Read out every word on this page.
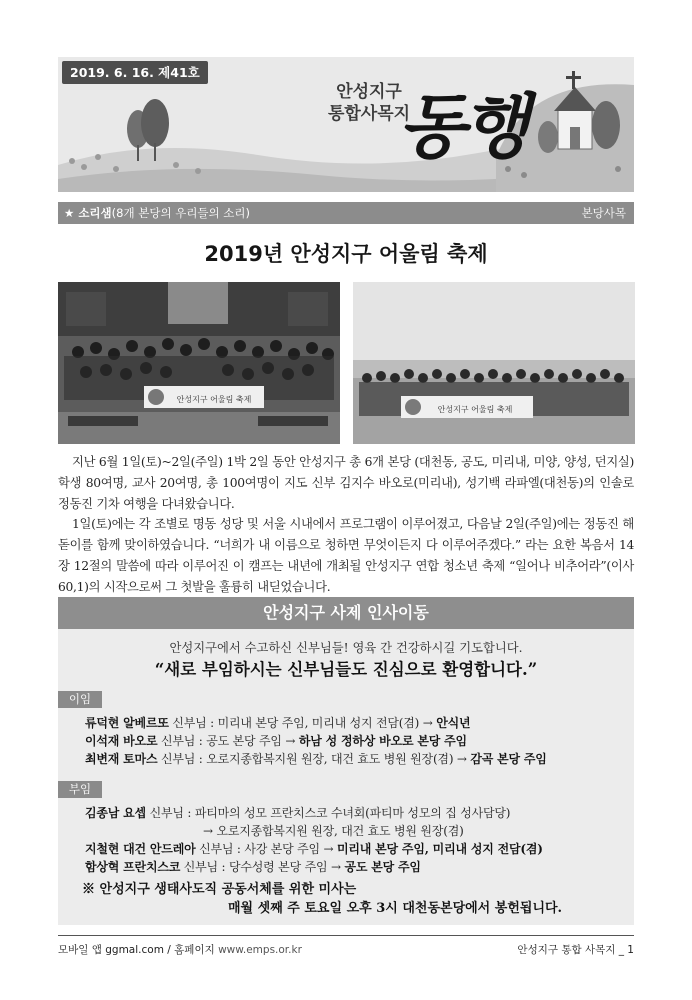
2019. 6. 16. 제41호
안성지구
통합사목지
동행
★ 소리샘(8개 본당의 우리들의 소리)	본당사목
2019년 안성지구 어울림 축제
안성지구 어울림 축제
안성지구 어울림 축제

지난 6월 1일(토)~2일(주일) 1박 2일 동안 안성지구 총 6개 본당 (대천동, 공도, 미리내, 미양, 양성, 던지실) 학생 80여명, 교사 20여명, 총 100여명이 지도 신부 김지수 바오로(미리내), 성기백 라파엘(대천동)의 인솔로 정동진 기차 여행을 다녀왔습니다.

1일(토)에는 각 조별로 명동 성당 및 서울 시내에서 프로그램이 이루어졌고, 다음날 2일(주일)에는 정동진 해돋이를 함께 맞이하였습니다. “너희가 내 이름으로 청하면 무엇이든지 다 이루어주겠다.” 라는 요한 복음서 14장 12절의 말씀에 따라 이루어진 이 캠프는 내년에 개최될 안성지구 연합 청소년 축제 “일어나 비추어라”(이사 60,1)의 시작으로써 그 첫발을 훌륭히 내딛었습니다.

안성지구 사제 인사이동
안성지구에서 수고하신 신부님들! 영육 간 건강하시길 기도합니다.
“새로 부임하시는 신부님들도 진심으로 환영합니다.”
이임
류덕현 알베르또 신부님 : 미리내 본당 주임, 미리내 성지 전담(겸) → 안식년
이석재 바오로 신부님 : 공도 본당 주임 → 하남 성 정하상 바오로 본당 주임
최변재 토마스 신부님 : 오로지종합복지원 원장, 대건 효도 병원 원장(겸) → 감곡 본당 주임
부임
김종남 요셉 신부님 : 파티마의 성모 프란치스코 수녀회(파티마 성모의 집 성사담당)
→ 오로지종합복지원 원장, 대건 효도 병원 원장(겸)
지철현 대건 안드레아 신부님 : 사강 본당 주임 → 미리내 본당 주임, 미리내 성지 전담(겸)
함상혁 프란치스코 신부님 : 당수성령 본당 주임 → 공도 본당 주임
※ 안성지구 생태사도직 공동서체를 위한 미사는
매월 셋째 주 토요일 오후 3시 대천동본당에서 봉헌됩니다.
모바일 앱 ggmal.com / 홈페이지 www.emps.or.kr	안성지구 통합 사목지 _ 1
